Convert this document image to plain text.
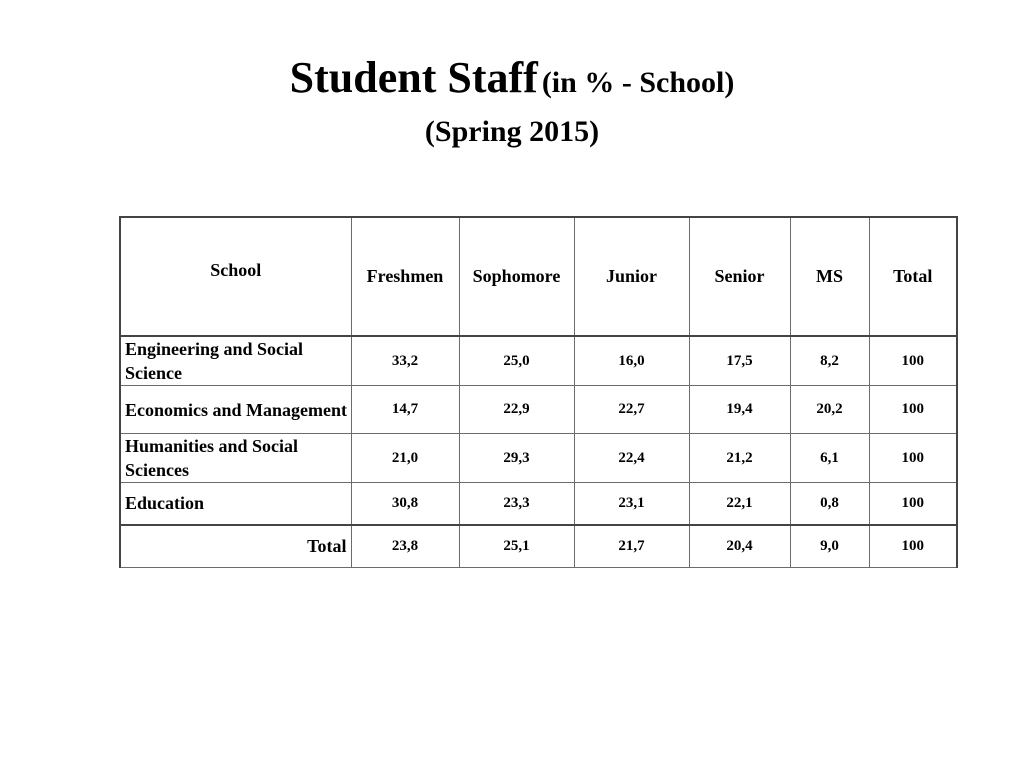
Student Staff (in % - School)
(Spring 2015)
School	Freshmen	Sophomore	Junior	Senior	MS	Total
Engineering and Social Science	33,2	25,0	16,0	17,5	8,2	100
Economics and Management	14,7	22,9	22,7	19,4	20,2	100
Humanities and Social Sciences	21,0	29,3	22,4	21,2	6,1	100
Education	30,8	23,3	23,1	22,1	0,8	100
Total	23,8	25,1	21,7	20,4	9,0	100
